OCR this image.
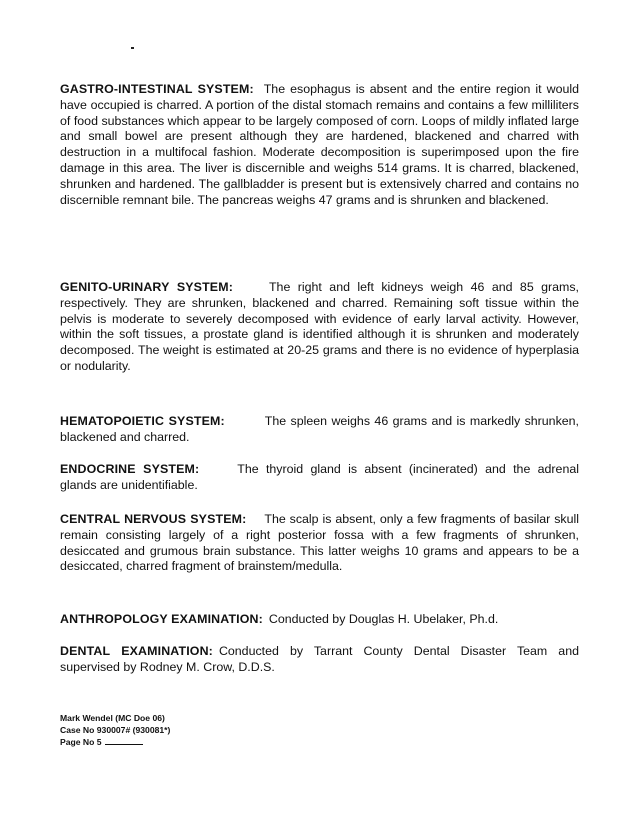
GASTRO-INTESTINAL SYSTEM: The esophagus is absent and the entire region it would have occupied is charred. A portion of the distal stomach remains and contains a few milliliters of food substances which appear to be largely composed of corn. Loops of mildly inflated large and small bowel are present although they are hardened, blackened and charred with destruction in a multifocal fashion. Moderate decomposition is superimposed upon the fire damage in this area. The liver is discernible and weighs 514 grams. It is charred, blackened, shrunken and hardened. The gallbladder is present but is extensively charred and contains no discernible remnant bile. The pancreas weighs 47 grams and is shrunken and blackened.
GENITO-URINARY SYSTEM:	The right and left kidneys weigh 46 and 85 grams, respectively. They are shrunken, blackened and charred. Remaining soft tissue within the pelvis is moderate to severely decomposed with evidence of early larval activity. However, within the soft tissues, a prostate gland is identified although it is shrunken and moderately decomposed. The weight is estimated at 20-25 grams and there is no evidence of hyperplasia or nodularity.
HEMATOPOIETIC SYSTEM:	The spleen weighs 46 grams and is markedly shrunken, blackened and charred.
ENDOCRINE SYSTEM:	The thyroid gland is absent (incinerated) and the adrenal glands are unidentifiable.
CENTRAL NERVOUS SYSTEM: The scalp is absent, only a few fragments of basilar skull remain consisting largely of a right posterior fossa with a few fragments of shrunken, desiccated and grumous brain substance. This latter weighs 10 grams and appears to be a desiccated, charred fragment of brainstem/medulla.
ANTHROPOLOGY EXAMINATION: Conducted by Douglas H. Ubelaker, Ph.d.
DENTAL EXAMINATION: Conducted by Tarrant County Dental Disaster Team and supervised by Rodney M. Crow, D.D.S.
Mark Wendel (MC Doe 06)
Case No 930007# (930081*)
Page No 5
